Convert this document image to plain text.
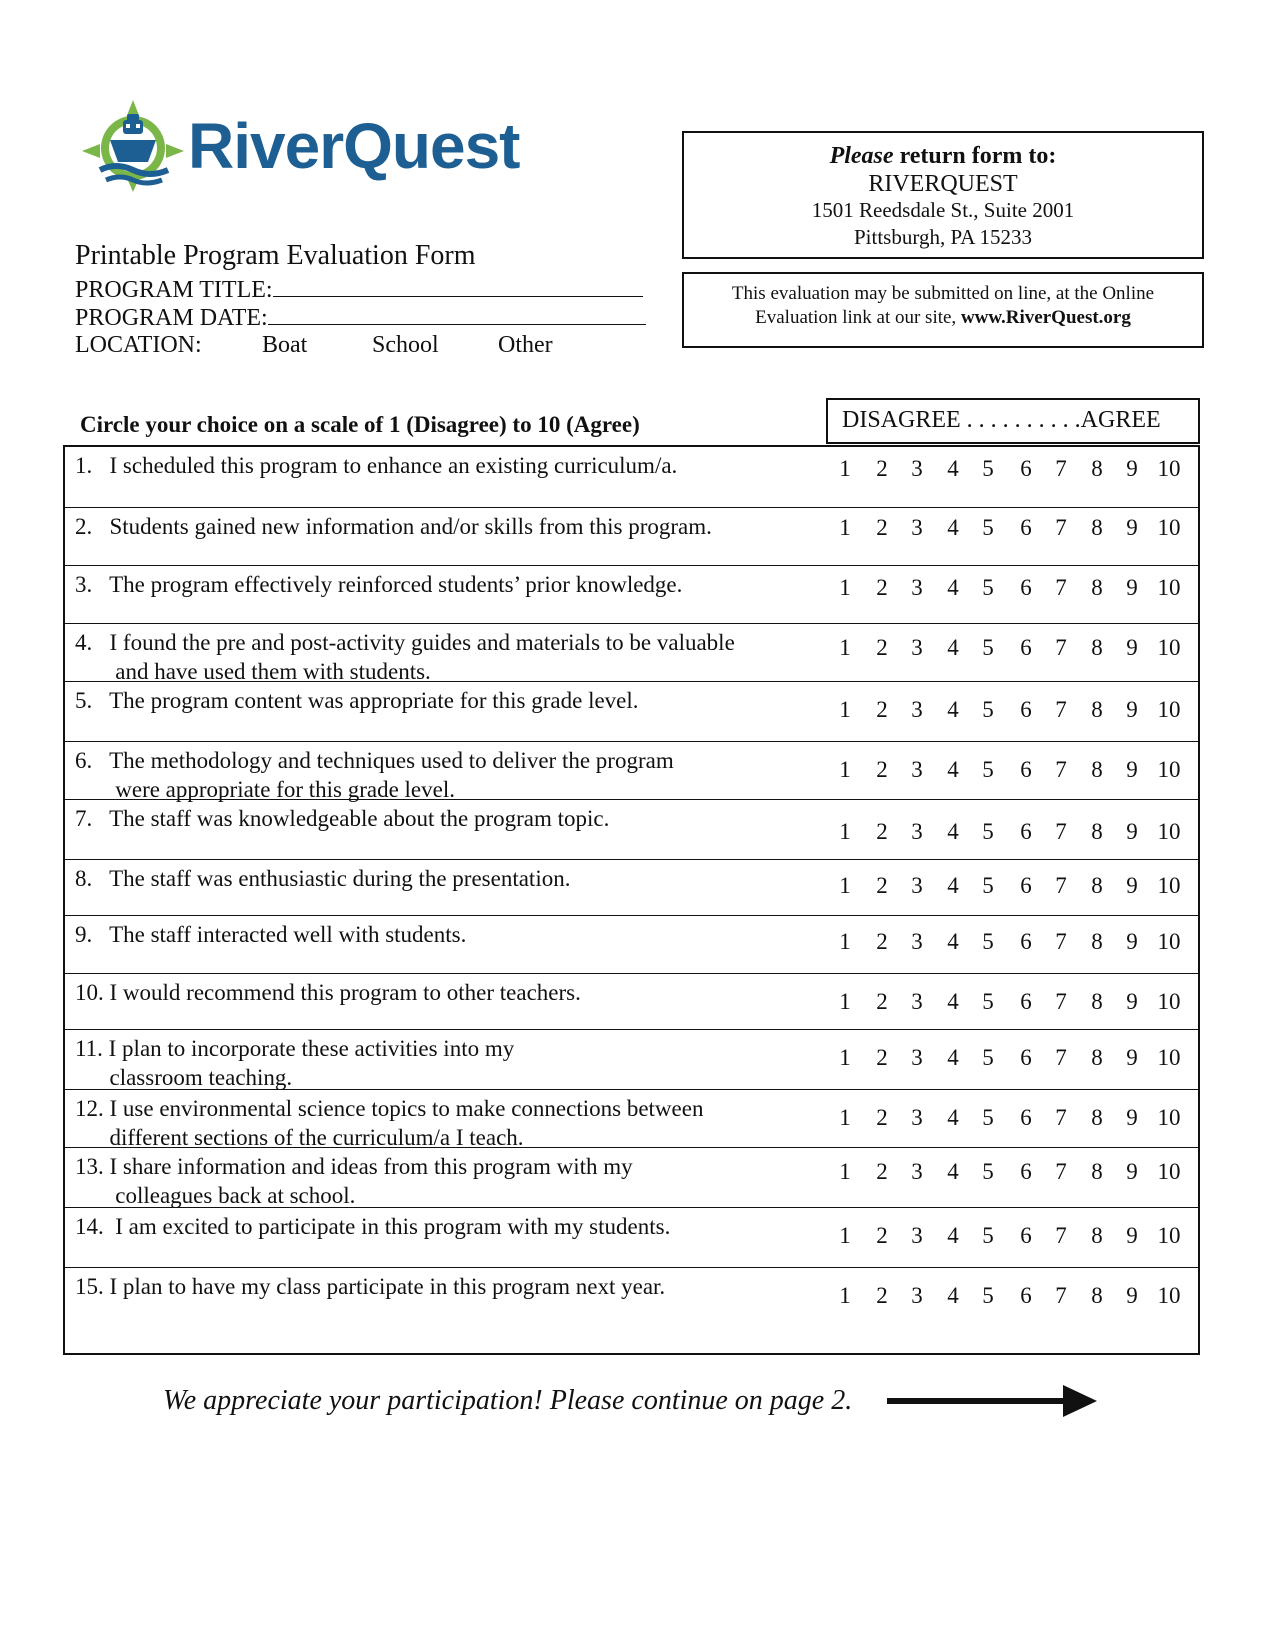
RiverQuest
Printable Program Evaluation Form
PROGRAM TITLE:
PROGRAM DATE:
LOCATION:	Boat	School Other
Please return form to:
RIVERQUEST
1501 Reedsdale St., Suite 2001
Pittsburgh, PA 15233
This evaluation may be submitted on line, at the Online
Evaluation link at our site, www.RiverQuest.org
Circle your choice on a scale of 1 (Disagree) to 10 (Agree)	DISAGREE . . . . . . . . . .AGREE
1.   I scheduled this program to enhance an existing curriculum/a.	1	2	3	4	5	6	7	8	9 10
2.   Students gained new information and/or skills from this program.	1	2	3	4	5	6	7	8	9 10
3.   The program effectively reinforced students’ prior knowledge.	1	2	3	4	5	6	7	8	9 10
4.   I found the pre and post-activity guides and materials to be valuable
and have used them with students.
1	2	3	4	5	6	7	8	9 10
5.   The program content was appropriate for this grade level.	1	2	3	4	5	6	7	8	9 10
6.   The methodology and techniques used to deliver the program
were appropriate for this grade level.
1	2	3	4	5	6	7	8	9 10
7.   The staff was knowledgeable about the program topic.
1	2	3	4	5	6	7	8	9 10
8.   The staff was enthusiastic during the presentation.	1	2	3	4	5	6	7	8	9 10
9.   The staff interacted well with students.	1	2	3	4	5	6	7	8	9 10
10. I would recommend this program to other teachers.	1	2	3	4	5	6	7	8	9 10
11. I plan to incorporate these activities into my
classroom teaching.
1	2	3	4	5	6	7	8	9 10
12. I use environmental science topics to make connections between
different sections of the curriculum/a I teach.
1	2	3	4	5	6	7	8	9 10
13. I share information and ideas from this program with my
colleagues back at school.
1	2	3	4	5	6	7	8	9 10
14.  I am excited to participate in this program with my students.	1	2	3	4	5	6	7	8	9 10
15. I plan to have my class participate in this program next year.	1	2	3	4	5	6	7	8	9 10
We appreciate your participation! Please continue on page 2.
